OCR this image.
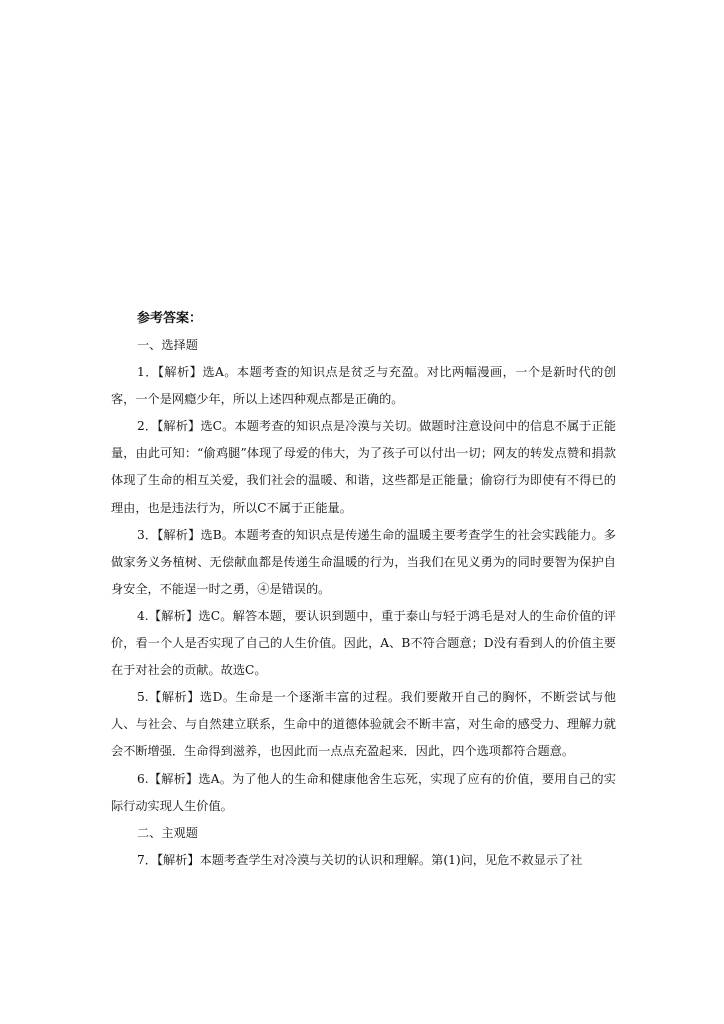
参考答案：

一、选择题

1．【解析】选A。本题考查的知识点是贫乏与充盈。对比两幅漫画，一个是新时代的创客，一个是网瘾少年，所以上述四种观点都是正确的。

2．【解析】选C。本题考查的知识点是冷漠与关切。做题时注意设问中的信息不属于正能量，由此可知：“偷鸡腿”体现了母爱的伟大，为了孩子可以付出一切；网友的转发点赞和捐款体现了生命的相互关爱，我们社会的温暖、和谐，这些都是正能量；偷窃行为即使有不得已的理由，也是违法行为，所以C不属于正能量。

3．【解析】选B。本题考查的知识点是传递生命的温暖主要考查学生的社会实践能力。多做家务义务植树、无偿献血都是传递生命温暖的行为，当我们在见义勇为的同时要智为保护自身安全，不能逞一时之勇，④是错误的。

4.【解析】选C。解答本题，要认识到题中，重于泰山与轻于鸿毛是对人的生命价值的评价，看一个人是否实现了自己的人生价值。因此，A、B不符合题意；D没有看到人的价值主要在于对社会的贡献。故选C。

5.【解析】选D。生命是一个逐渐丰富的过程。我们要敞开自己的胸怀，不断尝试与他人、与社会、与自然建立联系，生命中的道德体验就会不断丰富，对生命的感受力、理解力就会不断增强．生命得到滋养，也因此而一点点充盈起来．因此，四个选项都符合题意。

6.【解析】选A。为了他人的生命和健康他舍生忘死，实现了应有的价值，要用自己的实际行动实现人生价值。

二、主观题

7．【解析】本题考查学生对冷漠与关切的认识和理解。第(1)问，见危不救显示了社
